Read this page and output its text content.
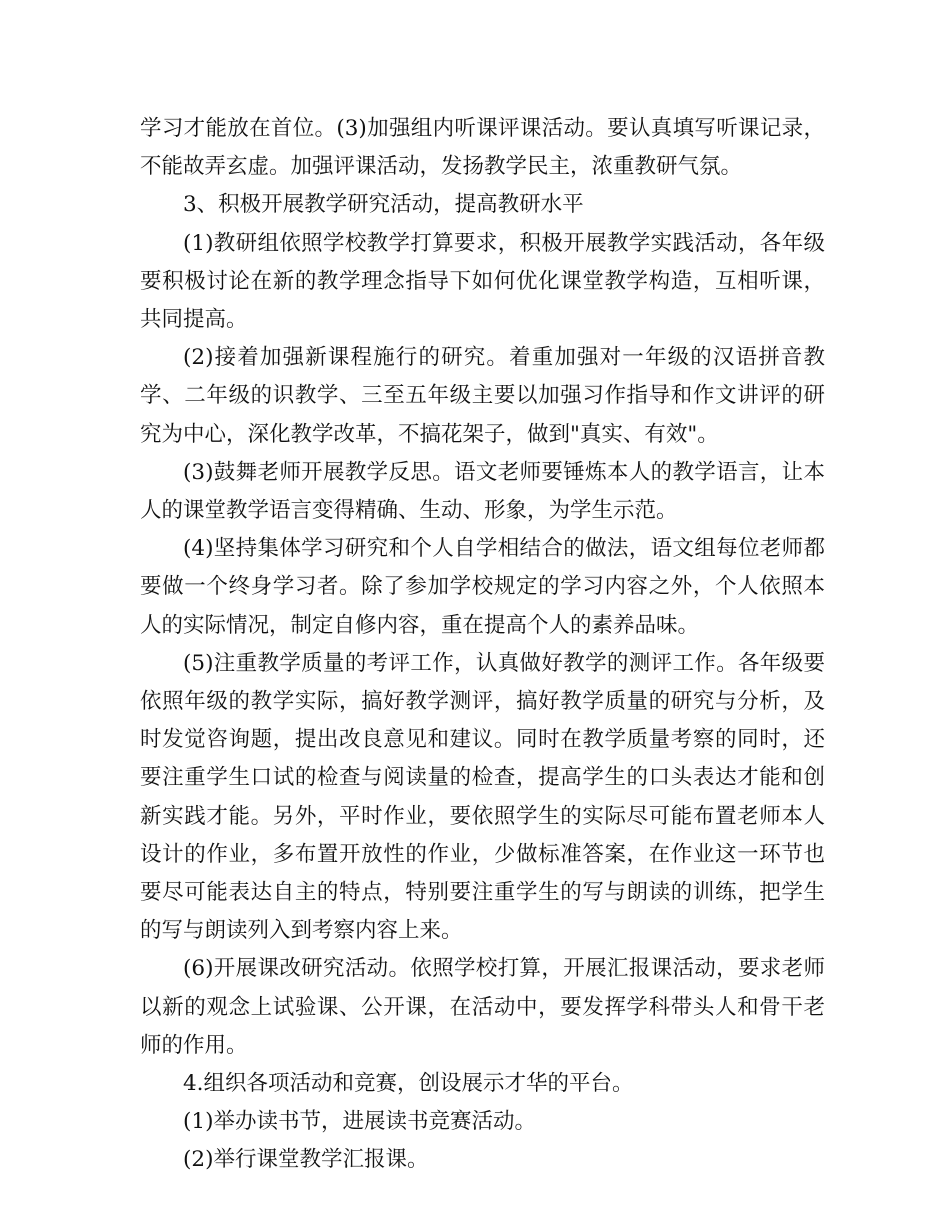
学习才能放在首位。(3)加强组内听课评课活动。要认真填写听课记录，不能故弄玄虚。加强评课活动，发扬教学民主，浓重教研气氛。

3、积极开展教学研究活动，提高教研水平

(1)教研组依照学校教学打算要求，积极开展教学实践活动，各年级要积极讨论在新的教学理念指导下如何优化课堂教学构造，互相听课，共同提高。

(2)接着加强新课程施行的研究。着重加强对一年级的汉语拼音教学、二年级的识教学、三至五年级主要以加强习作指导和作文讲评的研究为中心，深化教学改革，不搞花架子，做到"真实、有效"。

(3)鼓舞老师开展教学反思。语文老师要锤炼本人的教学语言，让本人的课堂教学语言变得精确、生动、形象，为学生示范。

(4)坚持集体学习研究和个人自学相结合的做法，语文组每位老师都要做一个终身学习者。除了参加学校规定的学习内容之外，个人依照本人的实际情况，制定自修内容，重在提高个人的素养品味。

(5)注重教学质量的考评工作，认真做好教学的测评工作。各年级要依照年级的教学实际，搞好教学测评，搞好教学质量的研究与分析，及时发觉咨询题，提出改良意见和建议。同时在教学质量考察的同时，还要注重学生口试的检查与阅读量的检查，提高学生的口头表达才能和创新实践才能。另外，平时作业，要依照学生的实际尽可能布置老师本人设计的作业，多布置开放性的作业，少做标准答案，在作业这一环节也要尽可能表达自主的特点，特别要注重学生的写与朗读的训练，把学生的写与朗读列入到考察内容上来。

(6)开展课改研究活动。依照学校打算，开展汇报课活动，要求老师以新的观念上试验课、公开课，在活动中，要发挥学科带头人和骨干老师的作用。

4.组织各项活动和竞赛，创设展示才华的平台。

(1)举办读书节，进展读书竞赛活动。

(2)举行课堂教学汇报课。
